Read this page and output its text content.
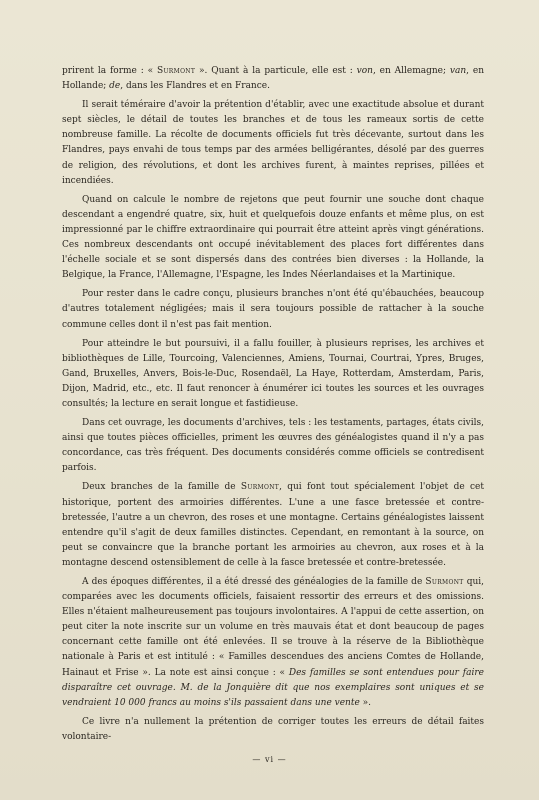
prirent la forme : « Surmont ». Quant à la particule, elle est : von, en Allemagne; van, en Hollande; de, dans les Flandres et en France.

Il serait téméraire d'avoir la prétention d'établir, avec une exactitude absolue et durant sept siècles, le détail de toutes les branches et de tous les rameaux sortis de cette nombreuse famille. La récolte de documents officiels fut très décevante, surtout dans les Flandres, pays envahi de tous temps par des armées belligérantes, désolé par des guerres de religion, des révolutions, et dont les archives furent, à maintes reprises, pillées et incendiées.

Quand on calcule le nombre de rejetons que peut fournir une souche dont chaque descendant a engendré quatre, six, huit et quelquefois douze enfants et même plus, on est impressionné par le chiffre extraordinaire qui pourrait être atteint après vingt générations. Ces nombreux descendants ont occupé inévitablement des places fort différentes dans l'échelle sociale et se sont dispersés dans des contrées bien diverses : la Hollande, la Belgique, la France, l'Allemagne, l'Espagne, les Indes Néerlandaises et la Martinique.

Pour rester dans le cadre conçu, plusieurs branches n'ont été qu'ébauchées, beaucoup d'autres totalement négligées; mais il sera toujours possible de rattacher à la souche commune celles dont il n'est pas fait mention.

Pour atteindre le but poursuivi, il a fallu fouiller, à plusieurs reprises, les archives et bibliothèques de Lille, Tourcoing, Valenciennes, Amiens, Tournai, Courtrai, Ypres, Bruges, Gand, Bruxelles, Anvers, Bois-le-Duc, Rosendaël, La Haye, Rotterdam, Amsterdam, Paris, Dijon, Madrid, etc., etc. Il faut renoncer à énumérer ici toutes les sources et les ouvrages consultés; la lecture en serait longue et fastidieuse.

Dans cet ouvrage, les documents d'archives, tels : les testaments, partages, états civils, ainsi que toutes pièces officielles, priment les œuvres des généalogistes quand il n'y a pas concordance, cas très fréquent. Des documents considérés comme officiels se contredisent parfois.

Deux branches de la famille de Surmont, qui font tout spécialement l'objet de cet historique, portent des armoiries différentes. L'une a une fasce bretessée et contre-bretessée, l'autre a un chevron, des roses et une montagne. Certains généalogistes laissent entendre qu'il s'agit de deux familles distinctes. Cependant, en remontant à la source, on peut se convaincre que la branche portant les armoiries au chevron, aux roses et à la montagne descend ostensiblement de celle à la fasce bretessée et contre-bretessée.

A des époques différentes, il a été dressé des généalogies de la famille de Surmont qui, comparées avec les documents officiels, faisaient ressortir des erreurs et des omissions. Elles n'étaient malheureusement pas toujours involontaires. A l'appui de cette assertion, on peut citer la note inscrite sur un volume en très mauvais état et dont beaucoup de pages concernant cette famille ont été enlevées. Il se trouve à la réserve de la Bibliothèque nationale à Paris et est intitulé : « Familles descendues des anciens Comtes de Hollande, Hainaut et Frise ». La note est ainsi conçue : « Des familles se sont entendues pour faire disparaître cet ouvrage. M. de la Jonquière dit que nos exemplaires sont uniques et se vendraient 10 000 francs au moins s'ils passaient dans une vente ».

Ce livre n'a nullement la prétention de corriger toutes les erreurs de détail faites volontaire-

— vi —
